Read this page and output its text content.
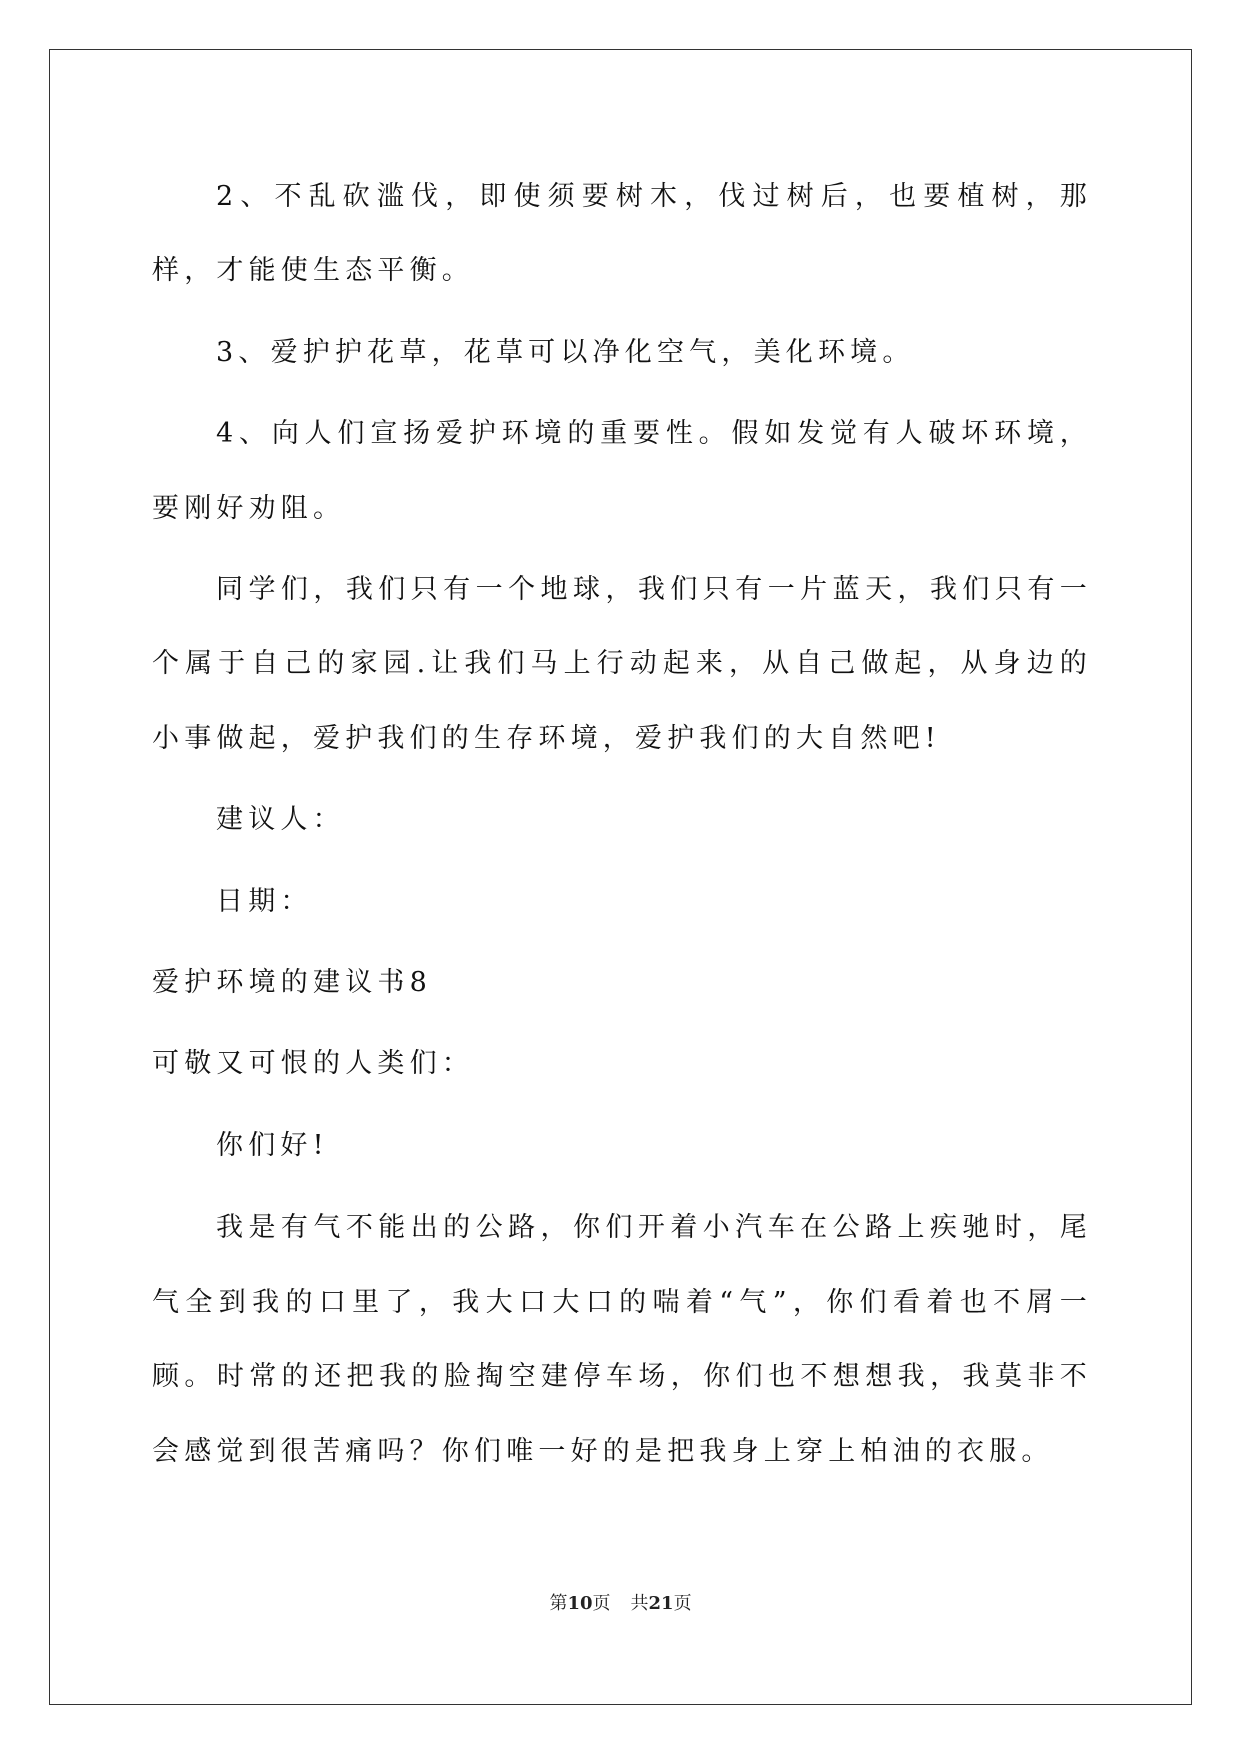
2、不乱砍滥伐，即使须要树木，伐过树后，也要植树，那样，才能使生态平衡。

3、爱护护花草，花草可以净化空气，美化环境。

4、向人们宣扬爱护环境的重要性。假如发觉有人破坏环境，要刚好劝阻。

同学们，我们只有一个地球，我们只有一片蓝天，我们只有一个属于自己的家园.让我们马上行动起来，从自己做起，从身边的小事做起，爱护我们的生存环境，爱护我们的大自然吧!

建议人：

日期：

爱护环境的建议书8

可敬又可恨的人类们：

你们好!

我是有气不能出的公路，你们开着小汽车在公路上疾驰时，尾气全到我的口里了，我大口大口的喘着“气”，你们看着也不屑一顾。时常的还把我的脸掏空建停车场，你们也不想想我，我莫非不会感觉到很苦痛吗？你们唯一好的是把我身上穿上柏油的衣服。

第10页 共21页
